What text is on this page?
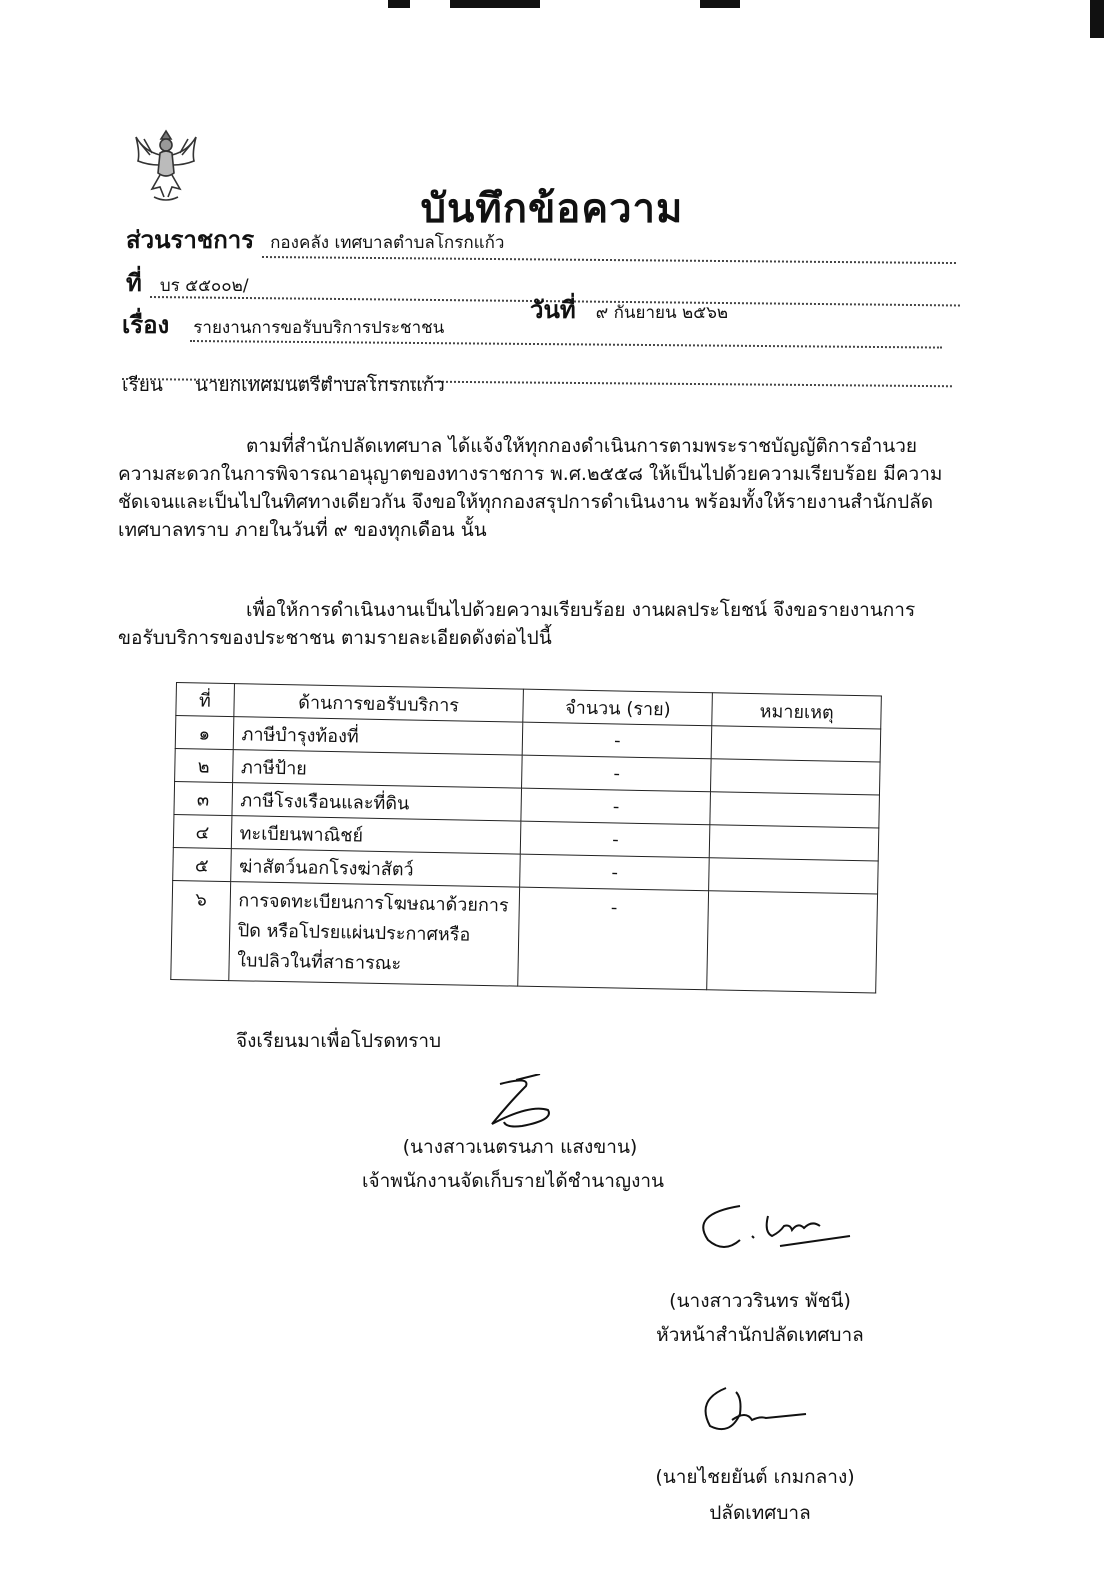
บันทึกข้อความ
ส่วนราชการ กองคลัง เทศบาลตำบลโกรกแก้ว
ที่ บร ๕๕๐๐๒/
วันที่ ๙ กันยายน ๒๕๖๒
เรื่อง รายงานการขอรับบริการประชาชน
เรียน นายกเทศมนตรีตำบลโกรกแก้ว
ตามที่สำนักปลัดเทศบาล ได้แจ้งให้ทุกกองดำเนินการตามพระราชบัญญัติการอำนวยความสะดวกในการพิจารณาอนุญาตของทางราชการ พ.ศ.๒๕๕๘ ให้เป็นไปด้วยความเรียบร้อย มีความชัดเจนและเป็นไปในทิศทางเดียวกัน จึงขอให้ทุกกองสรุปการดำเนินงาน พร้อมทั้งให้รายงานสำนักปลัดเทศบาลทราบ ภายในวันที่ ๙ ของทุกเดือน นั้น
เพื่อให้การดำเนินงานเป็นไปด้วยความเรียบร้อย งานผลประโยชน์ จึงขอรายงานการขอรับบริการของประชาชน ตามรายละเอียดดังต่อไปนี้
ที่	ด้านการขอรับบริการ	จำนวน (ราย)	หมายเหตุ
๑	ภาษีบำรุงท้องที่	-	
๒	ภาษีป้าย	-	
๓	ภาษีโรงเรือนและที่ดิน	-	
๔	ทะเบียนพาณิชย์	-	
๕	ฆ่าสัตว์นอกโรงฆ่าสัตว์	-	
๖	การจดทะเบียนการโฆษณาด้วยการปิด หรือโปรยแผ่นประกาศหรือใบปลิวในที่สาธารณะ	-	
จึงเรียนมาเพื่อโปรดทราบ
(นางสาวเนตรนภา แสงขาน)
เจ้าพนักงานจัดเก็บรายได้ชำนาญงาน
(นางสาววรินทร พัชนี)
หัวหน้าสำนักปลัดเทศบาล
(นายไชยยันต์ เกมกลาง)
ปลัดเทศบาล
